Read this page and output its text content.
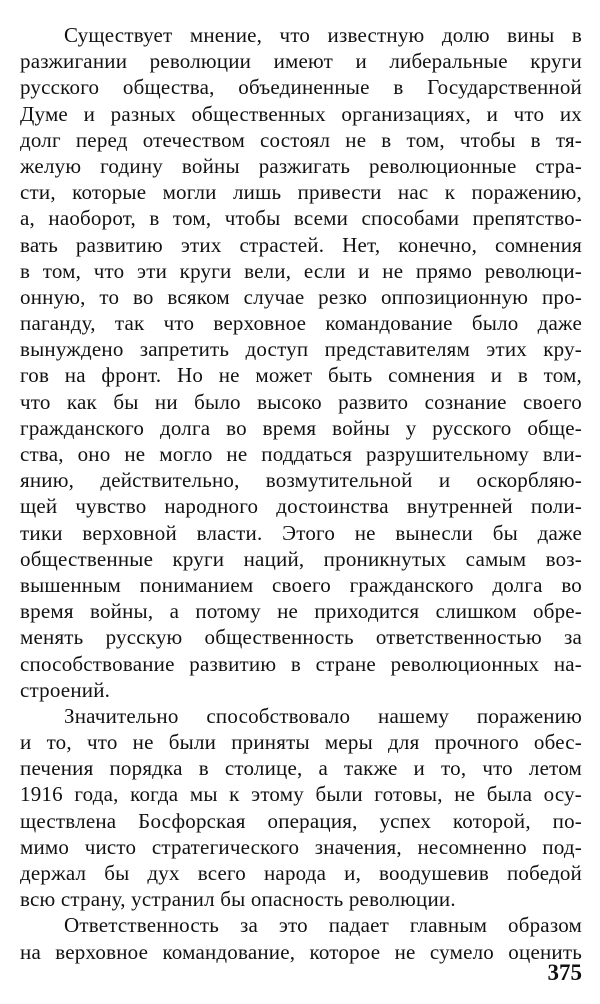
Существует мнение, что известную долю вины в
разжигании революции имеют и либеральные круги
русского общества, объединенные в Государственной
Думе и разных общественных организациях, и что их
долг перед отечеством состоял не в том, чтобы в тя-
желую годину войны разжигать революционные стра-
сти, которые могли лишь привести нас к поражению,
а, наоборот, в том, чтобы всеми способами препятство-
вать развитию этих страстей. Нет, конечно, сомнения
в том, что эти круги вели, если и не прямо революци-
онную, то во всяком случае резко оппозиционную про-
паганду, так что верховное командование было даже
вынуждено запретить доступ представителям этих кру-
гов на фронт. Но не может быть сомнения и в том,
что как бы ни было высоко развито сознание своего
гражданского долга во время войны у русского обще-
ства, оно не могло не поддаться разрушительному вли-
янию, действительно, возмутительной и оскорбляю-
щей чувство народного достоинства внутренней поли-
тики верховной власти. Этого не вынесли бы даже
общественные круги наций, проникнутых самым воз-
вышенным пониманием своего гражданского долга во
время войны, а потому не приходится слишком обре-
менять русскую общественность ответственностью за
способствование развитию в стране революционных на-
строений.
Значительно способствовало нашему поражению
и то, что не были приняты меры для прочного обес-
печения порядка в столице, а также и то, что летом
1916 года, когда мы к этому были готовы, не была осу-
ществлена Босфорская операция, успех которой, по-
мимо чисто стратегического значения, несомненно под-
держал бы дух всего народа и, воодушевив победой
всю страну, устранил бы опасность революции.
Ответственность за это падает главным образом
на верховное командование, которое не сумело оценить
375
